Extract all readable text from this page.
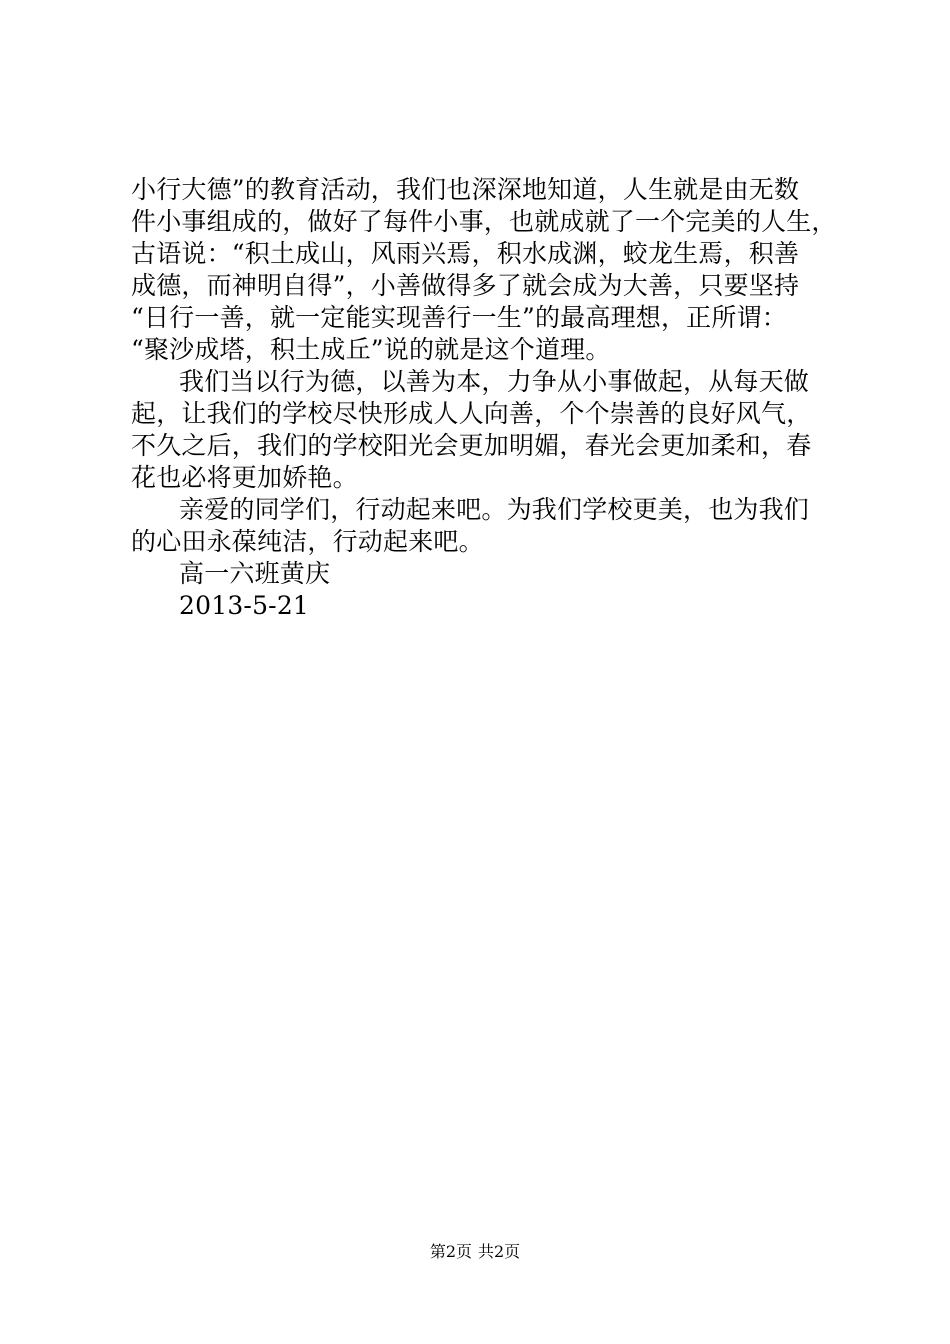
小行大德”的教育活动，我们也深深地知道，人生就是由无数
件小事组成的，做好了每件小事，也就成就了一个完美的人生，
古语说：“积土成山，风雨兴焉，积水成渊，蛟龙生焉，积善
成德，而神明自得”，小善做得多了就会成为大善，只要坚持
“日行一善，就一定能实现善行一生”的最高理想，正所谓：
“聚沙成塔，积土成丘”说的就是这个道理。
我们当以行为德，以善为本，力争从小事做起，从每天做
起，让我们的学校尽快形成人人向善，个个崇善的良好风气，
不久之后，我们的学校阳光会更加明媚，春光会更加柔和，春
花也必将更加娇艳。
亲爱的同学们，行动起来吧。为我们学校更美，也为我们
的心田永葆纯洁，行动起来吧。
高一六班黄庆
2013-5-21
第2页 共2页
